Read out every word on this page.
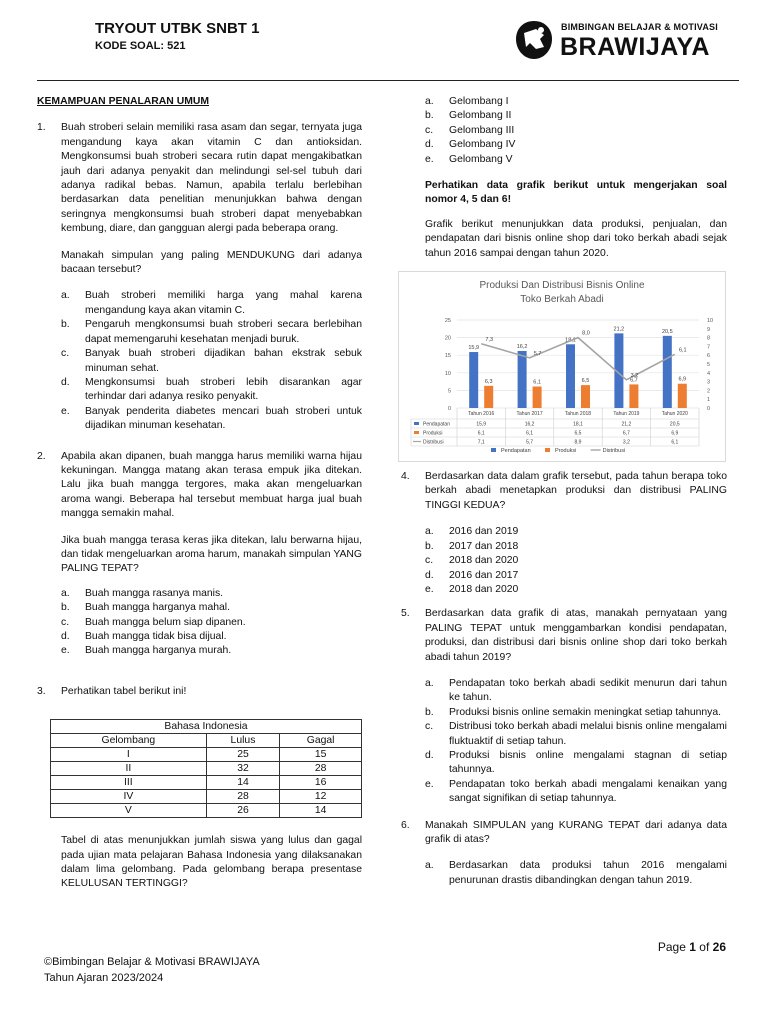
TRYOUT UTBK SNBT 1
KODE SOAL: 521
BIMBINGAN BELAJAR & MOTIVASI
BRAWIJAYA
KEMAMPUAN PENALARAN UMUM
1.	Buah stroberi selain memiliki rasa asam dan segar, ternyata juga mengandung kaya akan vitamin C dan antioksidan. Mengkonsumsi buah stroberi secara rutin dapat mengakibatkan jauh dari adanya penyakit dan melindungi sel-sel tubuh dari adanya radikal bebas. Namun, apabila terlalu berlebihan berdasarkan data penelitian menunjukkan bahwa dengan seringnya mengkonsumsi buah stroberi dapat menyebabkan kembung, diare, dan gangguan alergi pada beberapa orang.
Manakah simpulan yang paling MENDUKUNG dari adanya bacaan tersebut?
a.	Buah stroberi memiliki harga yang mahal karena mengandung kaya akan vitamin C.
b.	Pengaruh mengkonsumsi buah stroberi secara berlebihan dapat memengaruhi kesehatan menjadi buruk.
c.	Banyak buah stroberi dijadikan bahan ekstrak sebuk minuman sehat.
d.	Mengkonsumsi buah stroberi lebih disarankan agar terhindar dari adanya resiko penyakit.
e.	Banyak penderita diabetes mencari buah stroberi untuk dijadikan minuman kesehatan.
2.	Apabila akan dipanen, buah mangga harus memiliki warna hijau kekuningan. Mangga matang akan terasa empuk jika ditekan. Lalu jika buah mangga tergores, maka akan mengeluarkan aroma wangi. Beberapa hal tersebut membuat harga jual buah mangga semakin mahal.
Jika buah mangga terasa keras jika ditekan, lalu berwarna hijau, dan tidak mengeluarkan aroma harum, manakah simpulan YANG PALING TEPAT?
a.	Buah mangga rasanya manis.
b.	Buah mangga harganya mahal.
c.	Buah mangga belum siap dipanen.
d.	Buah mangga tidak bisa dijual.
e.	Buah mangga harganya murah.
3.	Perhatikan tabel berikut ini!
Bahasa Indonesia		
Gelombang	Lulus	Gagal
I	25	15
II	32	28
III	14	16
IV	28	12
V	26	14
Tabel di atas menunjukkan jumlah siswa yang lulus dan gagal pada ujian mata pelajaran Bahasa Indonesia yang dilaksanakan dalam lima gelombang. Pada gelombang berapa presentase KELULUSAN TERTINGGI?
a.	Gelombang I
b.	Gelombang II
c.	Gelombang III
d.	Gelombang IV
e.	Gelombang V
Perhatikan data grafik berikut untuk mengerjakan soal nomor 4, 5 dan 6!
Grafik berikut menunjukkan data produksi, penjualan, dan pendapatan dari bisnis online shop dari toko berkah abadi sejak tahun 2016 sampai dengan tahun 2020.
Produksi Dan Distribusi Bisnis Online
Toko Berkah Abadi
0
5
10
15
20
25
0
1
2
3
4
5
6
7
8
9
10
15,9
6,3
Tahun 2016
16,2
6,1
Tahun 2017
18,1
6,5
Tahun 2018
21,2
6,7
Tahun 2019
20,5
6,9
Tahun 2020
7,3
5,7
8,0
3,2
6,1
Pendapatan	15,9	16,2	18,1	21,2	20,5
Produksi	6,1	6,1	6,5	6,7	6,9
Distribusi	7,1	5,7	8,9	3,2	6,1
Pendapatan	Produksi	Distribusi
4.	Berdasarkan data dalam grafik tersebut, pada tahun berapa toko berkah abadi menetapkan produksi dan distribusi PALING TINGGI KEDUA?
a.	2016 dan 2019
b.	2017 dan 2018
c.	2018 dan 2020
d.	2016 dan 2017
e.	2018 dan 2020
5.	Berdasarkan data grafik di atas, manakah pernyataan yang PALING TEPAT untuk menggambarkan kondisi pendapatan, produksi, dan distribusi dari bisnis online shop dari toko berkah abadi tahun 2019?
a.	Pendapatan toko berkah abadi sedikit menurun dari tahun ke tahun.
b.	Produksi bisnis online semakin meningkat setiap tahunnya.
c.	Distribusi toko berkah abadi melalui bisnis online mengalami fluktuaktif di setiap tahun.
d.	Produksi bisnis online mengalami stagnan di setiap tahunnya.
e.	Pendapatan toko berkah abadi mengalami kenaikan yang sangat signifikan di setiap tahunnya.
6.	Manakah SIMPULAN yang KURANG TEPAT dari adanya data grafik di atas?
a.	Berdasarkan data produksi tahun 2016 mengalami penurunan drastis dibandingkan dengan tahun 2019.
Page 1 of 26
©Bimbingan Belajar & Motivasi BRAWIJAYA
Tahun Ajaran 2023/2024
